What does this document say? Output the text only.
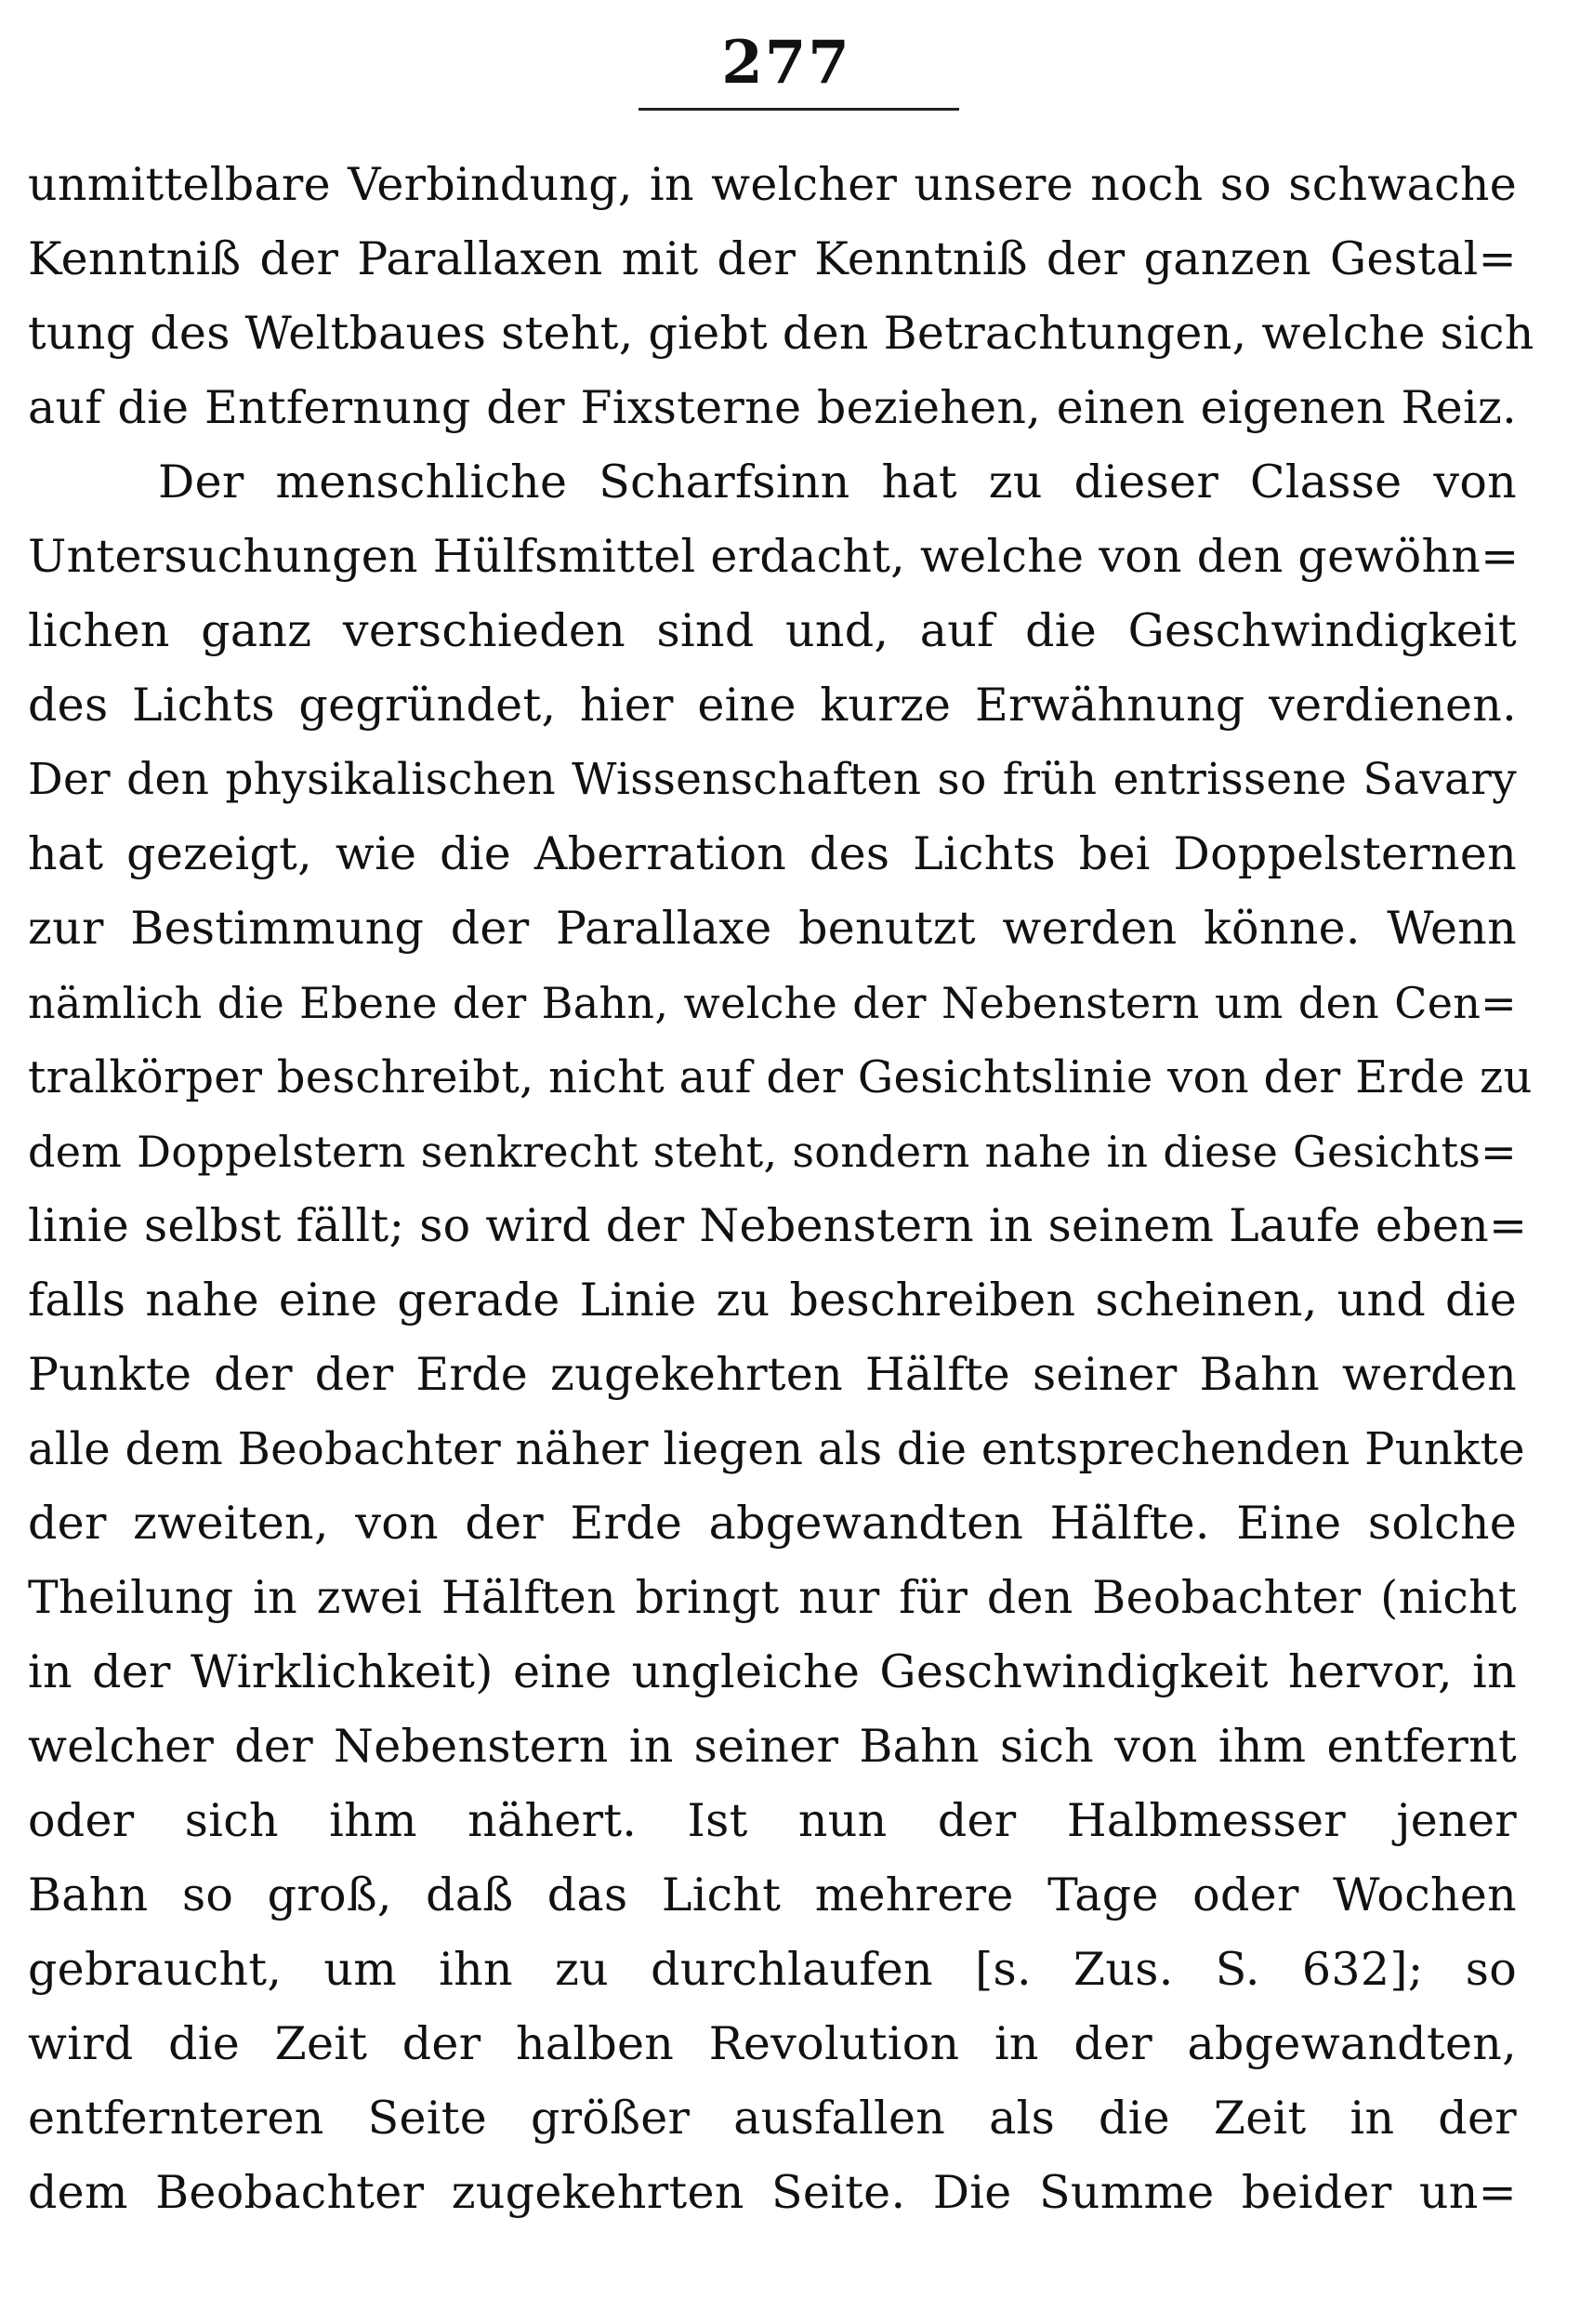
277
unmittelbare Verbindung, in welcher unsere noch so schwache
Kenntniß der Parallaxen mit der Kenntniß der ganzen Gestal=
tung des Weltbaues steht, giebt den Betrachtungen, welche sich
auf die Entfernung der Fixsterne beziehen, einen eigenen Reiz.
Der menschliche Scharfsinn hat zu dieser Classe von
Untersuchungen Hülfsmittel erdacht, welche von den gewöhn=
lichen ganz verschieden sind und, auf die Geschwindigkeit
des Lichts gegründet, hier eine kurze Erwähnung verdienen.
Der den physikalischen Wissenschaften so früh entrissene Savary
hat gezeigt, wie die Aberration des Lichts bei Doppelsternen
zur Bestimmung der Parallaxe benutzt werden könne. Wenn
nämlich die Ebene der Bahn, welche der Nebenstern um den Cen=
tralkörper beschreibt, nicht auf der Gesichtslinie von der Erde zu
dem Doppelstern senkrecht steht, sondern nahe in diese Gesichts=
linie selbst fällt; so wird der Nebenstern in seinem Laufe eben=
falls nahe eine gerade Linie zu beschreiben scheinen, und die
Punkte der der Erde zugekehrten Hälfte seiner Bahn werden
alle dem Beobachter näher liegen als die entsprechenden Punkte
der zweiten, von der Erde abgewandten Hälfte. Eine solche
Theilung in zwei Hälften bringt nur für den Beobachter (nicht
in der Wirklichkeit) eine ungleiche Geschwindigkeit hervor, in
welcher der Nebenstern in seiner Bahn sich von ihm entfernt
oder sich ihm nähert. Ist nun der Halbmesser jener
Bahn so groß, daß das Licht mehrere Tage oder Wochen
gebraucht, um ihn zu durchlaufen [s. Zus. S. 632]; so
wird die Zeit der halben Revolution in der abgewandten,
entfernteren Seite größer ausfallen als die Zeit in der
dem Beobachter zugekehrten Seite. Die Summe beider un=
